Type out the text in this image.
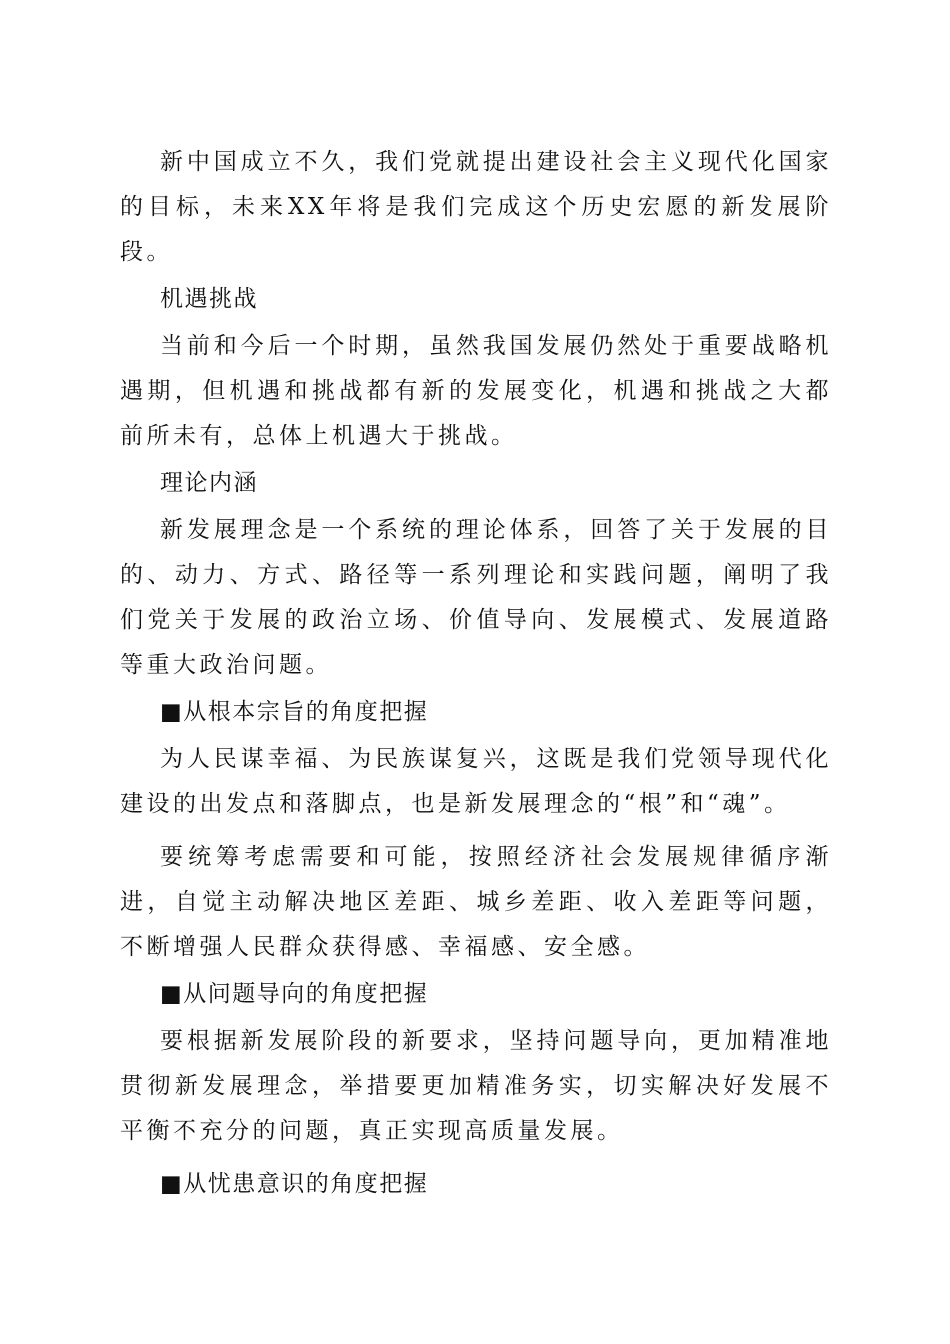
新中国成立不久，我们党就提出建设社会主义现代化国家的目标，未来XX年将是我们完成这个历史宏愿的新发展阶段。

机遇挑战

当前和今后一个时期，虽然我国发展仍然处于重要战略机遇期，但机遇和挑战都有新的发展变化，机遇和挑战之大都前所未有，总体上机遇大于挑战。

理论内涵

新发展理念是一个系统的理论体系，回答了关于发展的目的、动力、方式、路径等一系列理论和实践问题，阐明了我们党关于发展的政治立场、价值导向、发展模式、发展道路等重大政治问题。

■从根本宗旨的角度把握

为人民谋幸福、为民族谋复兴，这既是我们党领导现代化建设的出发点和落脚点，也是新发展理念的“根”和“魂”。

要统筹考虑需要和可能，按照经济社会发展规律循序渐进，自觉主动解决地区差距、城乡差距、收入差距等问题，不断增强人民群众获得感、幸福感、安全感。

■从问题导向的角度把握

要根据新发展阶段的新要求，坚持问题导向，更加精准地贯彻新发展理念，举措要更加精准务实，切实解决好发展不平衡不充分的问题，真正实现高质量发展。

■从忧患意识的角度把握
